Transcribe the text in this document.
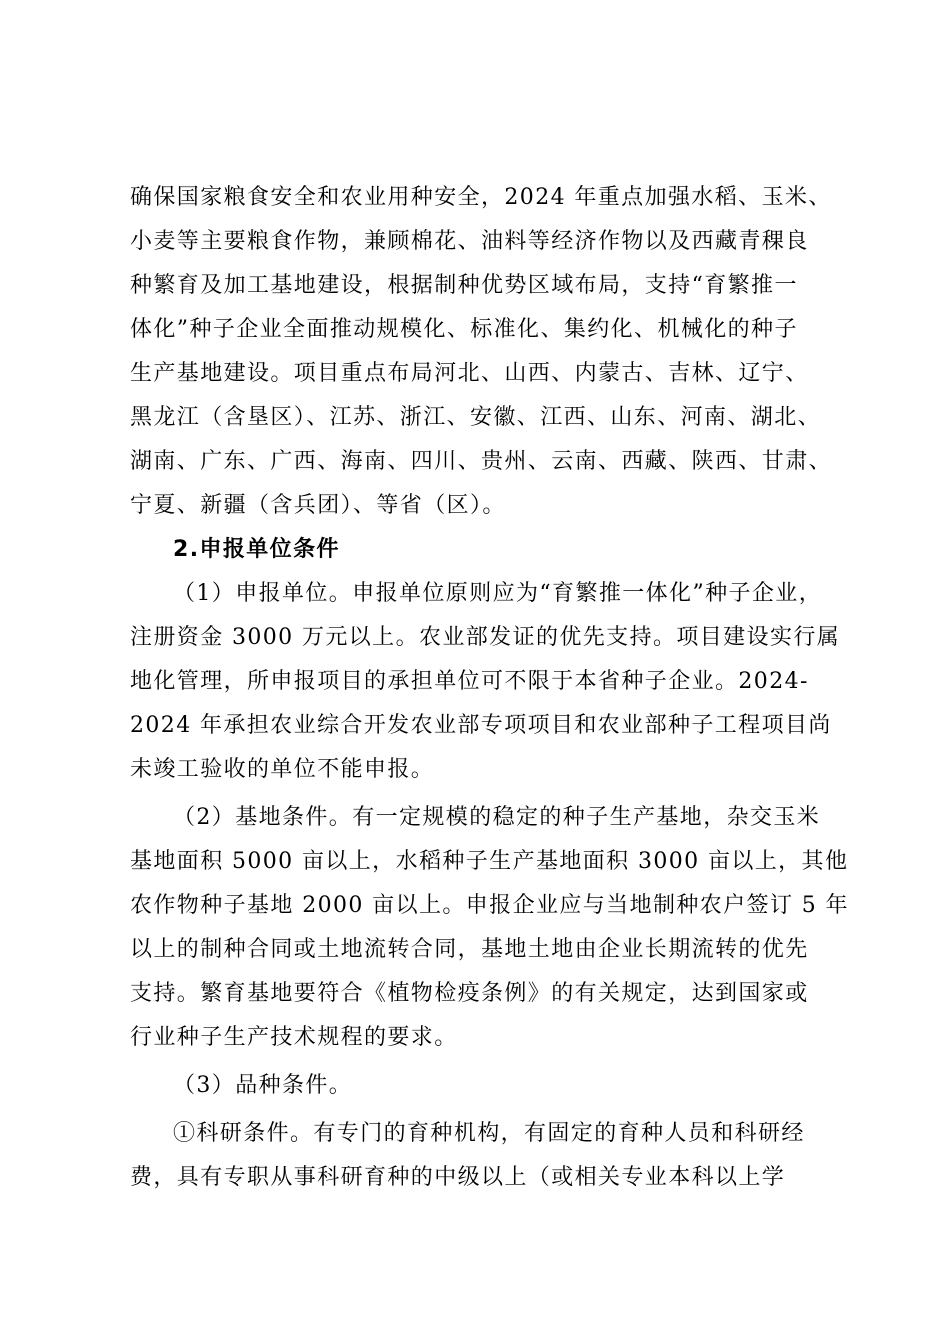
确保国家粮食安全和农业用种安全，2024 年重点加强水稻、玉米、
小麦等主要粮食作物，兼顾棉花、油料等经济作物以及西藏青稞良
种繁育及加工基地建设，根据制种优势区域布局，支持“育繁推一
体化”种子企业全面推动规模化、标准化、集约化、机械化的种子
生产基地建设。项目重点布局河北、山西、内蒙古、吉林、辽宁、
黑龙江（含垦区）、江苏、浙江、安徽、江西、山东、河南、湖北、
湖南、广东、广西、海南、四川、贵州、云南、西藏、陕西、甘肃、
宁夏、新疆（含兵团）、等省（区）。
2.申报单位条件
（1）申报单位。申报单位原则应为“育繁推一体化”种子企业，
注册资金 3000 万元以上。农业部发证的优先支持。项目建设实行属
地化管理，所申报项目的承担单位可不限于本省种子企业。2024-
2024 年承担农业综合开发农业部专项项目和农业部种子工程项目尚
未竣工验收的单位不能申报。
（2）基地条件。有一定规模的稳定的种子生产基地，杂交玉米
基地面积 5000 亩以上，水稻种子生产基地面积 3000 亩以上，其他
农作物种子基地 2000 亩以上。申报企业应与当地制种农户签订 5 年
以上的制种合同或土地流转合同，基地土地由企业长期流转的优先
支持。繁育基地要符合《植物检疫条例》的有关规定，达到国家或
行业种子生产技术规程的要求。
（3）品种条件。
①科研条件。有专门的育种机构，有固定的育种人员和科研经
费，具有专职从事科研育种的中级以上（或相关专业本科以上学
